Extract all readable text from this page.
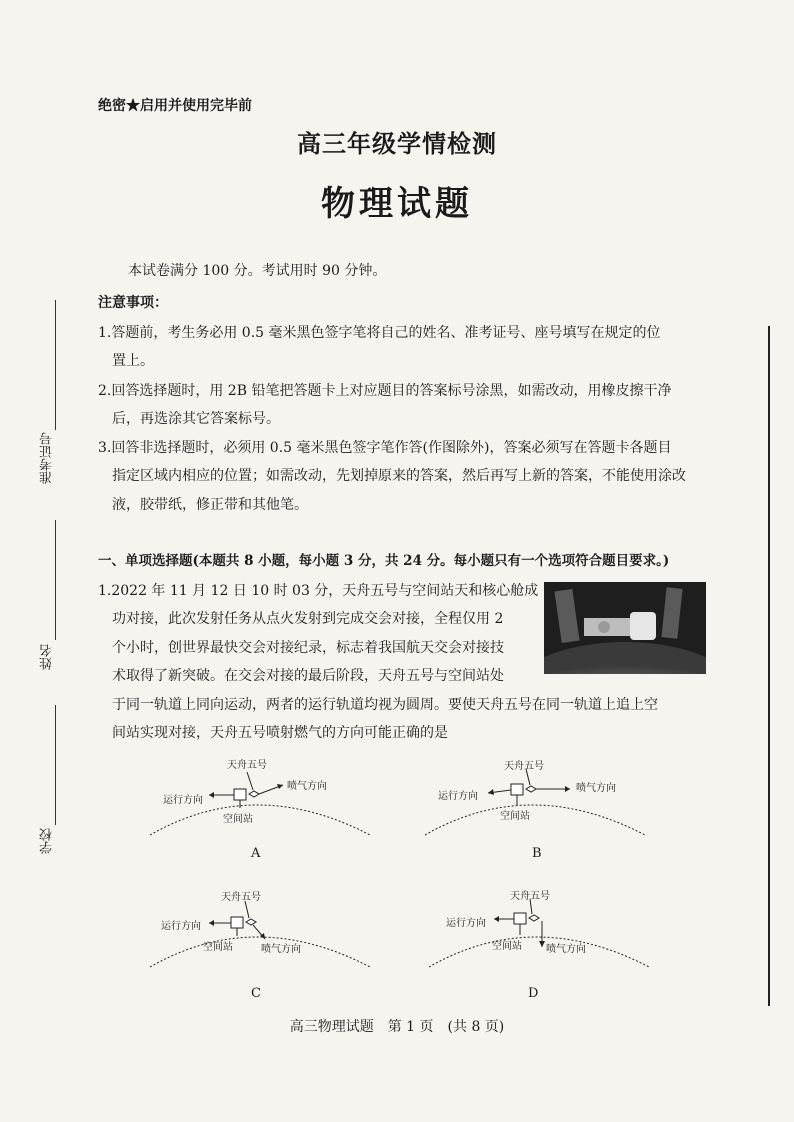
绝密★启用并使用完毕前
高三年级学情检测
物理试题
本试卷满分 100 分。考试用时 90 分钟。
注意事项：
1.答题前，考生务必用 0.5 毫米黑色签字笔将自己的姓名、准考证号、座号填写在规定的位
置上。
2.回答选择题时，用 2B 铅笔把答题卡上对应题目的答案标号涂黑，如需改动，用橡皮擦干净
后，再选涂其它答案标号。
3.回答非选择题时，必须用 0.5 毫米黑色签字笔作答(作图除外)，答案必须写在答题卡各题目
指定区域内相应的位置；如需改动，先划掉原来的答案，然后再写上新的答案，不能使用涂改
液，胶带纸，修正带和其他笔。
一、单项选择题(本题共 8 小题，每小题 3 分，共 24 分。每小题只有一个选项符合题目要求。)
1.2022 年 11 月 12 日 10 时 03 分，天舟五号与空间站天和核心舱成
功对接，此次发射任务从点火发射到完成交会对接，全程仅用 2
个小时，创世界最快交会对接纪录，标志着我国航天交会对接技
术取得了新突破。在交会对接的最后阶段，天舟五号与空间站处
于同一轨道上同向运动，两者的运行轨道均视为圆周。要使天舟五号在同一轨道上追上空
间站实现对接，天舟五号喷射燃气的方向可能正确的是
天舟五号
运行方向
喷气方向
空间站
A
天舟五号
运行方向
喷气方向
空间站
B
天舟五号
运行方向
喷气方向
空间站
C
天舟五号
运行方向
喷气方向
空间站
D
准考证号
姓名
学校
高三物理试题　第 1 页　(共 8 页)
